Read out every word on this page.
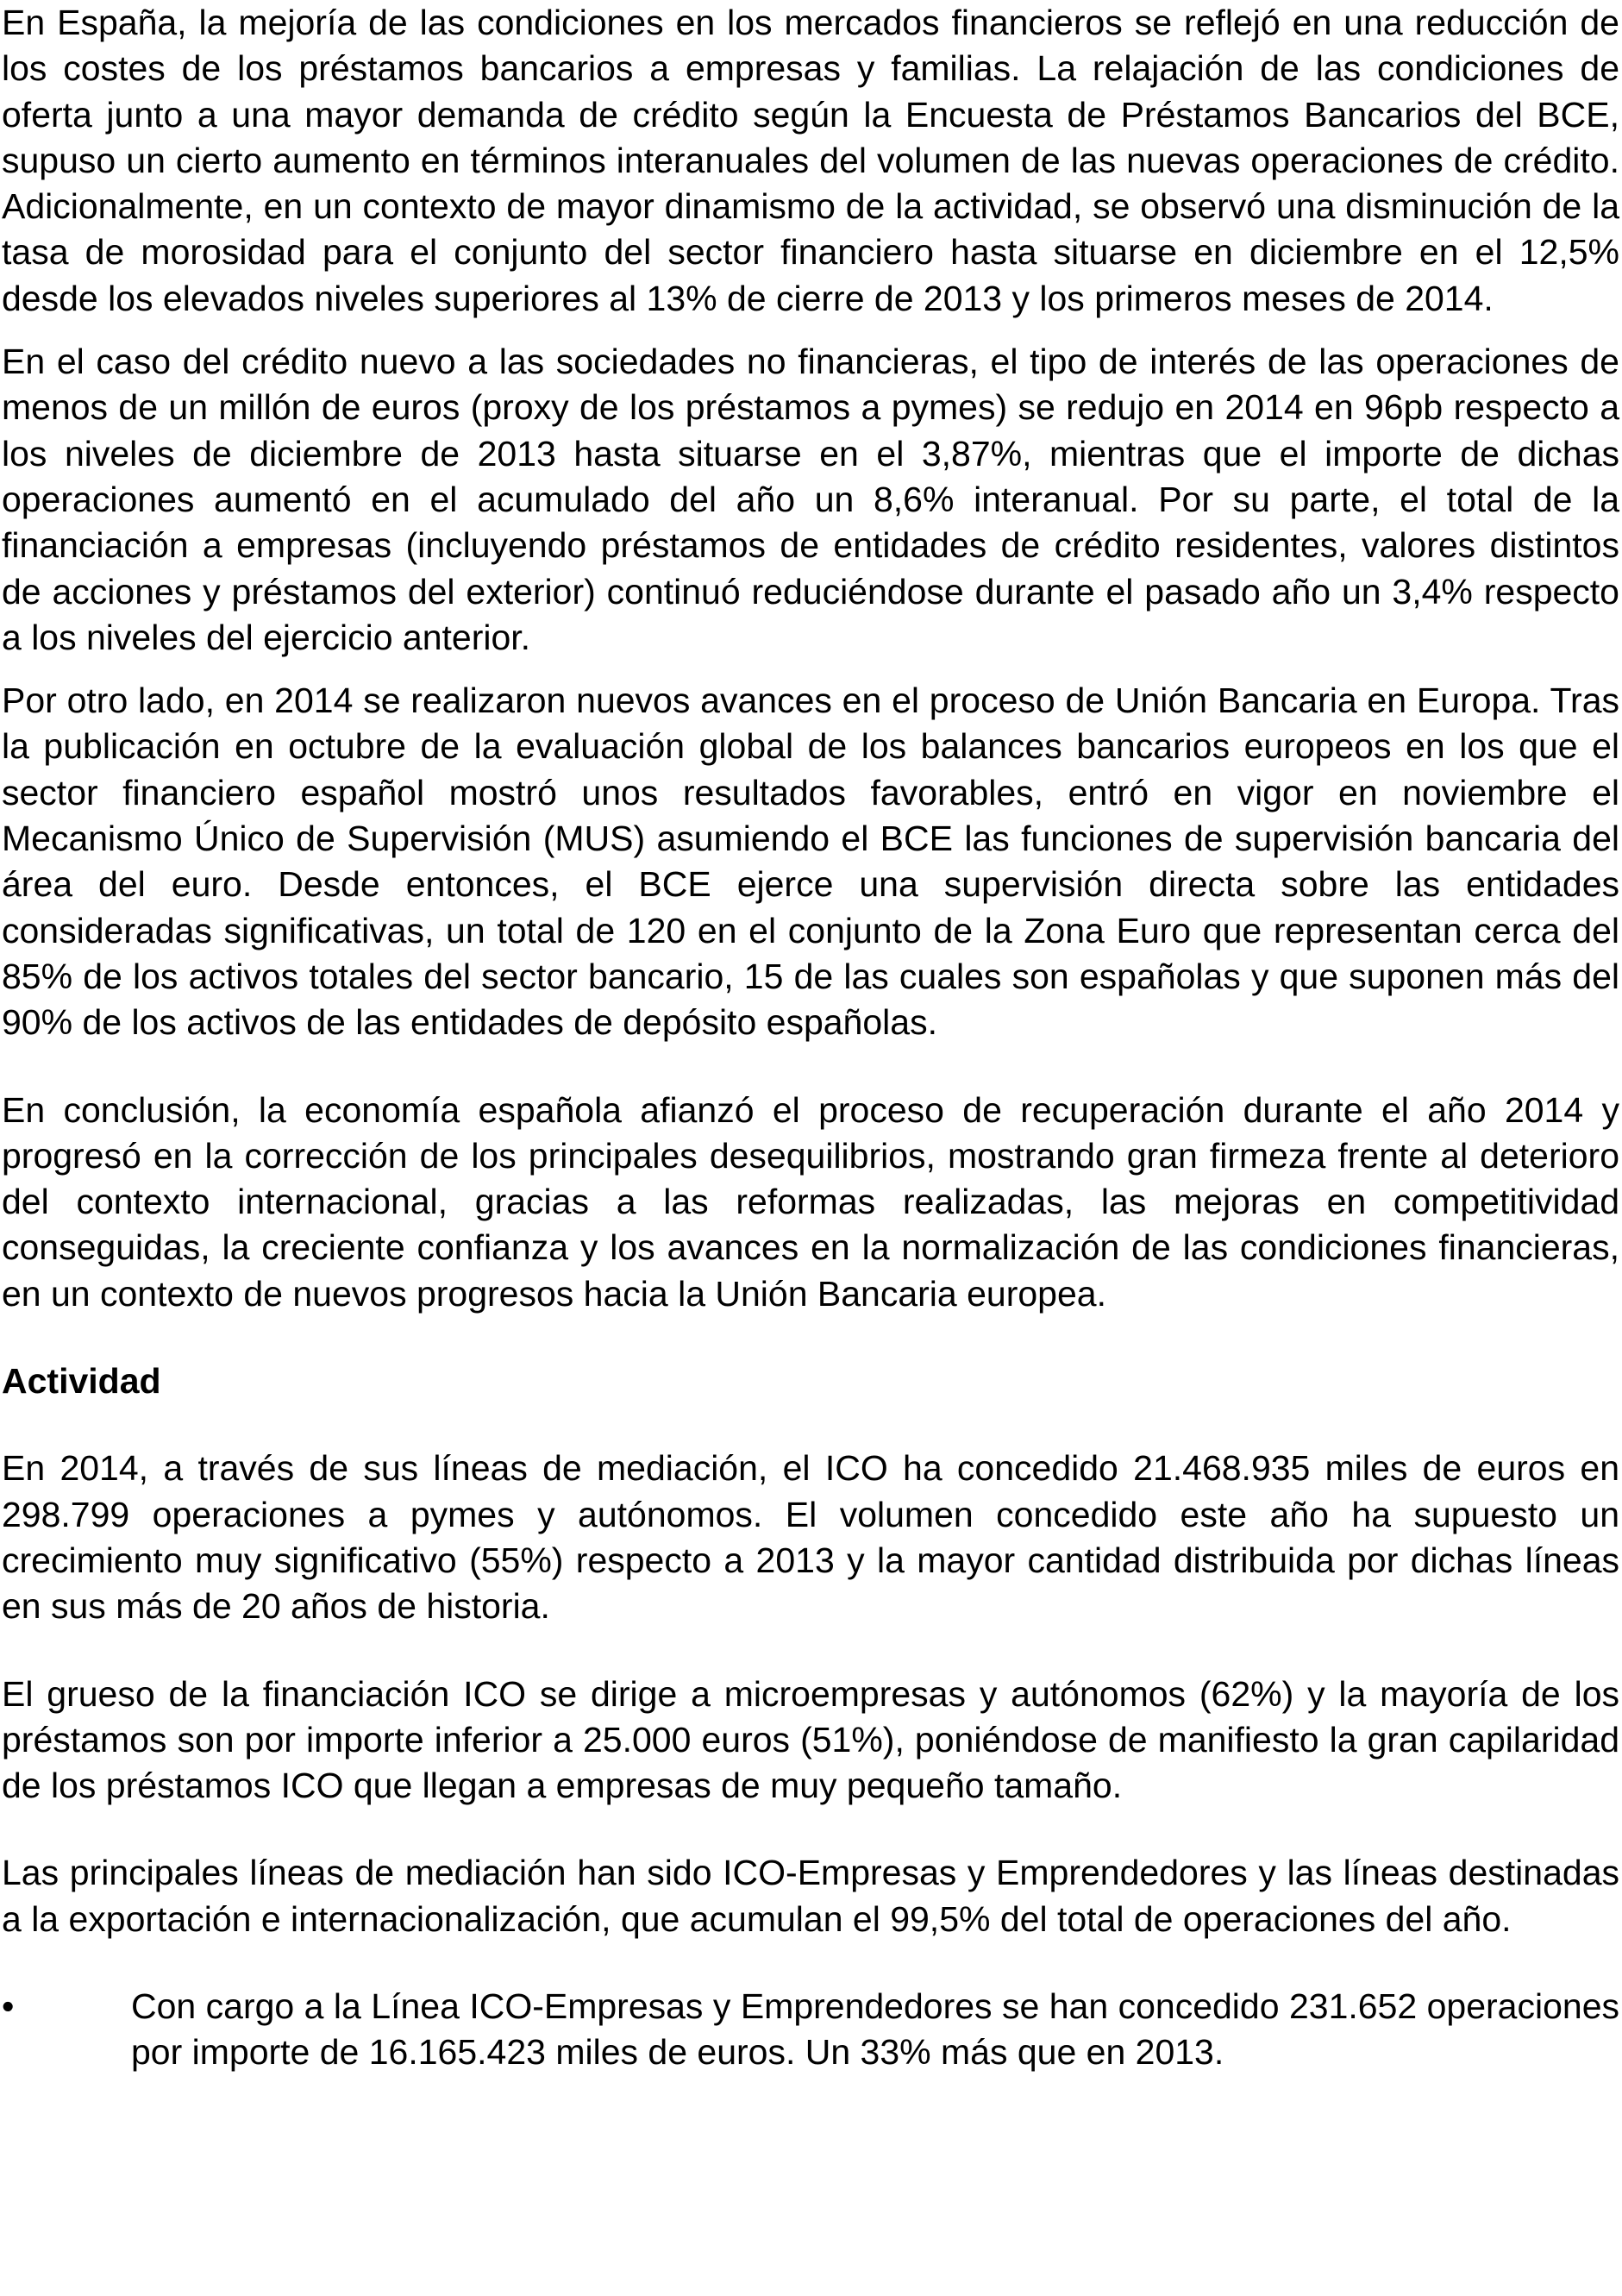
En España, la mejoría de las condiciones en los mercados financieros se reflejó en una reducción de los costes de los préstamos bancarios a empresas y familias. La relajación de las condiciones de oferta junto a una mayor demanda de crédito según la Encuesta de Préstamos Bancarios del BCE, supuso un cierto aumento en términos interanuales del volumen de las nuevas operaciones de crédito. Adicionalmente, en un contexto de mayor dinamismo de la actividad, se observó una disminución de la tasa de morosidad para el conjunto del sector financiero hasta situarse en diciembre en el 12,5% desde los elevados niveles superiores al 13% de cierre de 2013 y los primeros meses de 2014.

En el caso del crédito nuevo a las sociedades no financieras, el tipo de interés de las operaciones de menos de un millón de euros (proxy de los préstamos a pymes) se redujo en 2014 en 96pb respecto a los niveles de diciembre de 2013 hasta situarse en el 3,87%, mientras que el importe de dichas operaciones aumentó en el acumulado del año un 8,6% interanual. Por su parte, el total de la financiación a empresas (incluyendo préstamos de entidades de crédito residentes, valores distintos de acciones y préstamos del exterior) continuó reduciéndose durante el pasado año un 3,4% respecto a los niveles del ejercicio anterior.

Por otro lado, en 2014 se realizaron nuevos avances en el proceso de Unión Bancaria en Europa. Tras la publicación en octubre de la evaluación global de los balances bancarios europeos en los que el sector financiero español mostró unos resultados favorables, entró en vigor en noviembre el Mecanismo Único de Supervisión (MUS) asumiendo el BCE las funciones de supervisión bancaria del área del euro. Desde entonces, el BCE ejerce una supervisión directa sobre las entidades consideradas significativas, un total de 120 en el conjunto de la Zona Euro que representan cerca del 85% de los activos totales del sector bancario, 15 de las cuales son españolas y que suponen más del 90% de los activos de las entidades de depósito españolas.

En conclusión, la economía española afianzó el proceso de recuperación durante el año 2014 y progresó en la corrección de los principales desequilibrios, mostrando gran firmeza frente al deterioro del contexto internacional, gracias a las reformas realizadas, las mejoras en competitividad conseguidas, la creciente confianza y los avances en la normalización de las condiciones financieras, en un contexto de nuevos progresos hacia la Unión Bancaria europea.

Actividad

En 2014, a través de sus líneas de mediación, el ICO ha concedido 21.468.935 miles de euros en 298.799 operaciones a pymes y autónomos. El volumen concedido este año ha supuesto un crecimiento muy significativo (55%) respecto a 2013 y la mayor cantidad distribuida por dichas líneas en sus más de 20 años de historia.

El grueso de la financiación ICO se dirige a microempresas y autónomos (62%) y la mayoría de los préstamos son por importe inferior a 25.000 euros (51%), poniéndose de manifiesto la gran capilaridad de los préstamos ICO que llegan a empresas de muy pequeño tamaño.

Las principales líneas de mediación han sido ICO-Empresas y Emprendedores y las líneas destinadas a la exportación e internacionalización, que acumulan el 99,5% del total de operaciones del año.

•	Con cargo a la Línea ICO-Empresas y Emprendedores se han concedido 231.652 operaciones por importe de 16.165.423 miles de euros. Un 33% más que en 2013.
